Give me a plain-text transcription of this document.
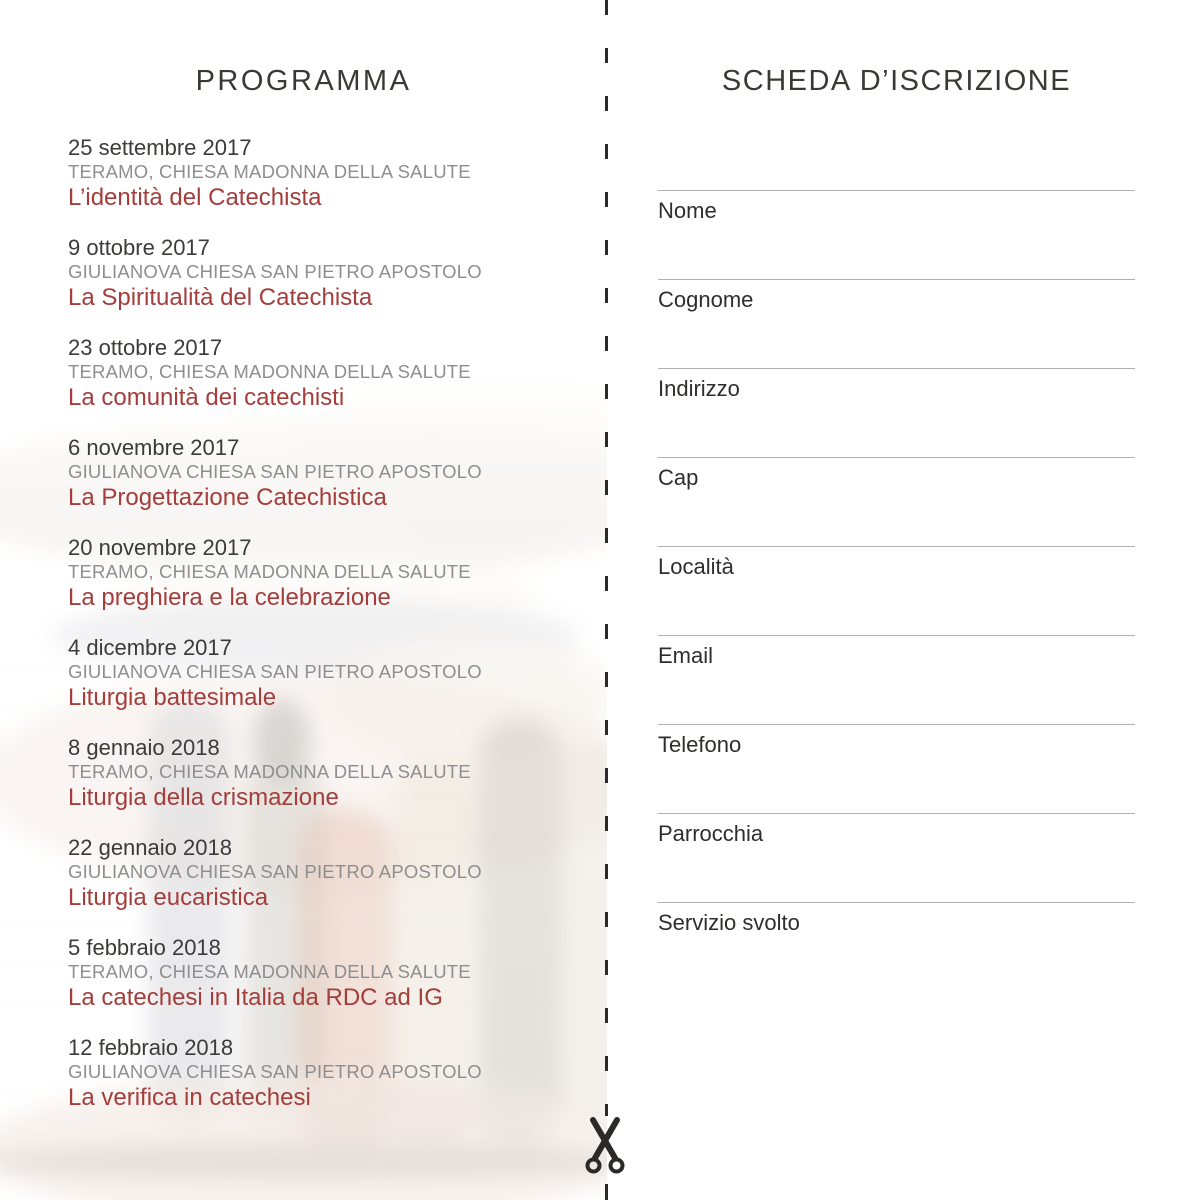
PROGRAMMA
25 settembre 2017
TERAMO, CHIESA MADONNA DELLA SALUTE
L’identità del Catechista
9 ottobre 2017
GIULIANOVA CHIESA SAN PIETRO APOSTOLO
La Spiritualità del Catechista
23 ottobre 2017
TERAMO, CHIESA MADONNA DELLA SALUTE
La comunità dei catechisti
6 novembre 2017
GIULIANOVA CHIESA SAN PIETRO APOSTOLO
La Progettazione Catechistica
20 novembre 2017
TERAMO, CHIESA MADONNA DELLA SALUTE
La preghiera e la celebrazione
4 dicembre 2017
GIULIANOVA CHIESA SAN PIETRO APOSTOLO
Liturgia battesimale
8 gennaio 2018
TERAMO, CHIESA MADONNA DELLA SALUTE
Liturgia della crismazione
22 gennaio 2018
GIULIANOVA CHIESA SAN PIETRO APOSTOLO
Liturgia eucaristica
5 febbraio 2018
TERAMO, CHIESA MADONNA DELLA SALUTE
La catechesi in Italia da RDC ad IG
12 febbraio 2018
GIULIANOVA CHIESA SAN PIETRO APOSTOLO
La verifica in catechesi
SCHEDA D’ISCRIZIONE
Nome
Cognome
Indirizzo
Cap
Località
Email
Telefono
Parrocchia
Servizio svolto
